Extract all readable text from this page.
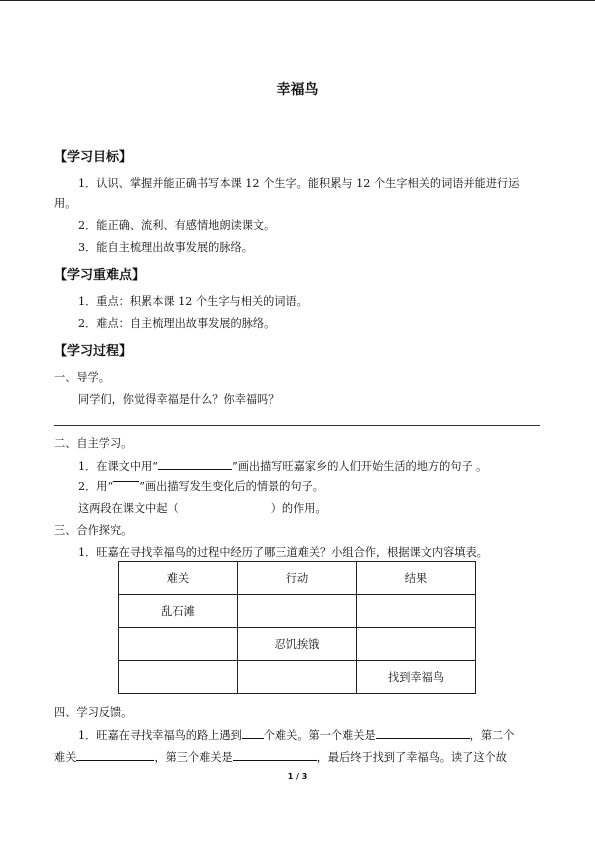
幸福鸟
【学习目标】
1．认识、掌握并能正确书写本课 12 个生字。能积累与 12 个生字相关的词语并能进行运
用。
2．能正确、流利、有感情地朗读课文。
3．能自主梳理出故事发展的脉络。
【学习重难点】
1．重点：积累本课 12 个生字与相关的词语。
2．难点：自主梳理出故事发展的脉络。
【学习过程】
一、导学。
同学们，你觉得幸福是什么？你幸福吗？
二、自主学习。
1．在课文中用“	”画出描写旺嘉家乡的人们开始生活的地方的句子 。
2．用“ ”画出描写发生变化后的情景的句子。
这两段在课文中起（	）的作用。
三、合作探究。
1．旺嘉在寻找幸福鸟的过程中经历了哪三道难关？小组合作，根据课文内容填表。
难关	行动	结果
乱石滩		
	忍饥挨饿	
		找到幸福鸟
四、学习反馈。
1．旺嘉在寻找幸福鸟的路上遇到 个难关。第一个难关是	，第二个
难关	，第三个难关是	，最后终于找到了幸福鸟。读了这个故
1 / 3
